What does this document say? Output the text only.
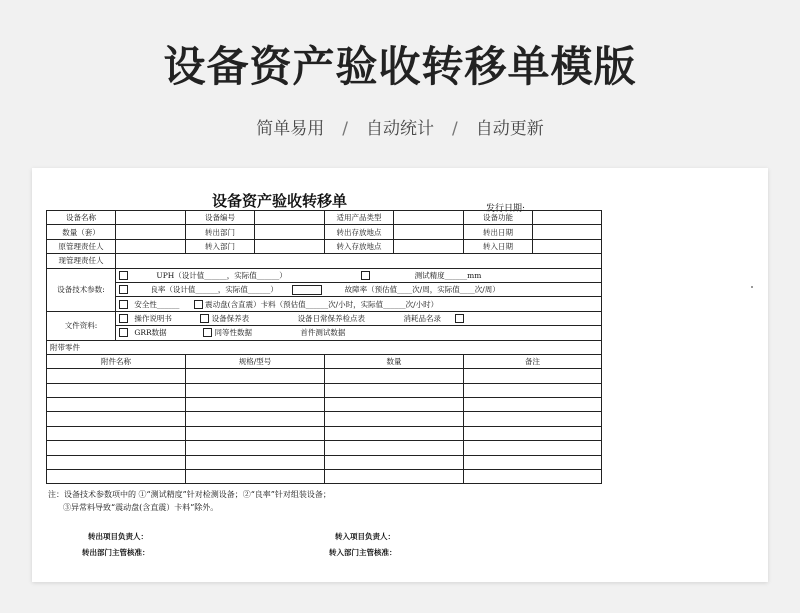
设备资产验收转移单模版
简单易用 / 自动统计 / 自动更新
设备资产验收转移单	发行日期:
设备名称		设备编号		适用产品类型		设备功能	
数量（套）		转出部门		转出存放地点		转出日期	
原管理责任人		转入部门		转入存放地点		转入日期	
现管理责任人							
设备技术参数:	UPH（设计值______，实际值______） 测试精度______mm						
	良率（设计值______，实际值______） 故障率（预估值____次/周，实际值____次/周）						
	安全性______ 震动盘(含直震）卡料（预估值______次/小时，实际值______次/小时）						
文件资料:	操作说明书 设备保养表 设备日常保养检点表 消耗品名录						
	GRR数据 同等性数据 首件测试数据						
附带零件							
附件名称		规格/型号		数量		备注	

注：设备技术参数项中的 ①“测试精度”针对检测设备；②“良率”针对组装设备；
③异常料导致“震动盘(含直震）卡料”除外。
转出项目负责人：	转入项目负责人：
转出部门主管核准：	转入部门主管核准：
